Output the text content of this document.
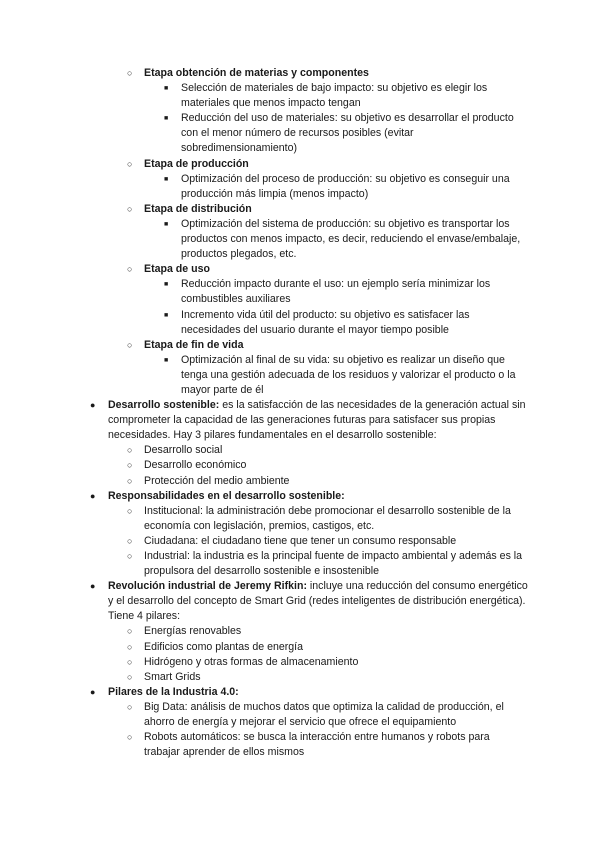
○ Etapa obtención de materias y componentes
■ Selección de materiales de bajo impacto: su objetivo es elegir los materiales que menos impacto tengan
■ Reducción del uso de materiales: su objetivo es desarrollar el producto con el menor número de recursos posibles (evitar sobredimensionamiento)
○ Etapa de producción
■ Optimización del proceso de producción: su objetivo es conseguir una producción más limpia (menos impacto)
○ Etapa de distribución
■ Optimización del sistema de producción: su objetivo es transportar los productos con menos impacto, es decir, reduciendo el envase/embalaje, productos plegados, etc.
○ Etapa de uso
■ Reducción impacto durante el uso: un ejemplo sería minimizar los combustibles auxiliares
■ Incremento vida útil del producto: su objetivo es satisfacer las necesidades del usuario durante el mayor tiempo posible
○ Etapa de fin de vida
■ Optimización al final de su vida: su objetivo es realizar un diseño que tenga una gestión adecuada de los residuos y valorizar el producto o la mayor parte de él
● Desarrollo sostenible: es la satisfacción de las necesidades de la generación actual sin comprometer la capacidad de las generaciones futuras para satisfacer sus propias necesidades. Hay 3 pilares fundamentales en el desarrollo sostenible:
○ Desarrollo social
○ Desarrollo económico
○ Protección del medio ambiente
● Responsabilidades en el desarrollo sostenible:
○ Institucional: la administración debe promocionar el desarrollo sostenible de la economía con legislación, premios, castigos, etc.
○ Ciudadana: el ciudadano tiene que tener un consumo responsable
○ Industrial: la industria es la principal fuente de impacto ambiental y además es la propulsora del desarrollo sostenible e insostenible
● Revolución industrial de Jeremy Rifkin: incluye una reducción del consumo energético y el desarrollo del concepto de Smart Grid (redes inteligentes de distribución energética). Tiene 4 pilares:
○ Energías renovables
○ Edificios como plantas de energía
○ Hidrógeno y otras formas de almacenamiento
○ Smart Grids
● Pilares de la Industria 4.0:
○ Big Data: análisis de muchos datos que optimiza la calidad de producción, el ahorro de energía y mejorar el servicio que ofrece el equipamiento
○ Robots automáticos: se busca la interacción entre humanos y robots para trabajar aprender de ellos mismos
